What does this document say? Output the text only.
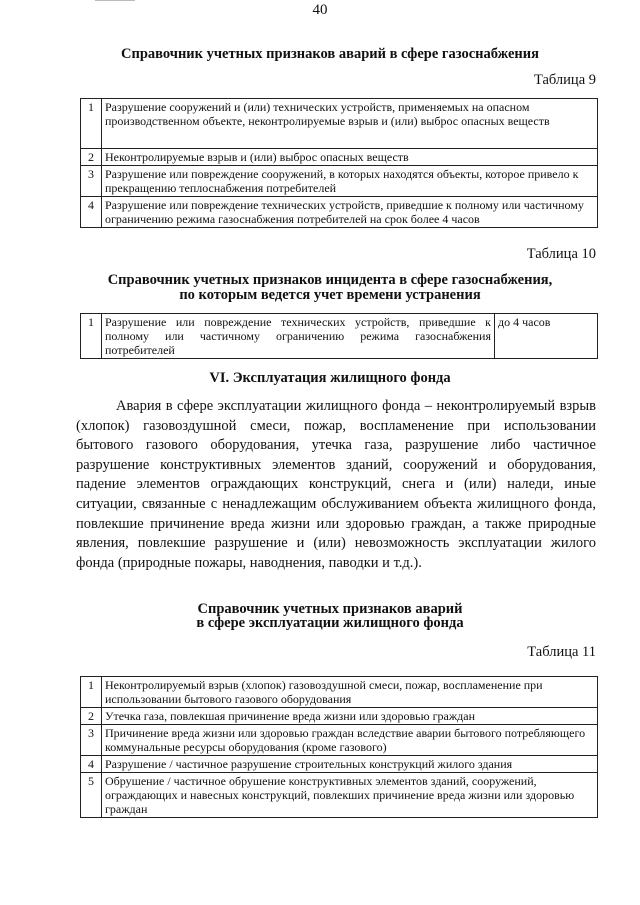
40
Справочник учетных признаков аварий в сфере газоснабжения
Таблица 9
1	Разрушение сооружений и (или) технических устройств, применяемых на опасном производственном объекте, неконтролируемые взрыв и (или) выброс опасных веществ
2	Неконтролируемые взрыв и (или) выброс опасных веществ
3	Разрушение или повреждение сооружений, в которых находятся объекты, которое привело к прекращению теплоснабжения потребителей
4	Разрушение или повреждение технических устройств, приведшие к полному или частичному ограничению режима газоснабжения потребителей на срок более 4 часов
Таблица 10
Справочник учетных признаков инцидента в сфере газоснабжения,
по которым ведется учет времени устранения
1	Разрушение или повреждение технических устройств, приведшие к полному или частичному ограничению режима газоснабжения потребителей	до 4 часов
VI. Эксплуатация жилищного фонда
Авария в сфере эксплуатации жилищного фонда – неконтролируемый взрыв (хлопок) газовоздушной смеси, пожар, воспламенение при использовании бытового газового оборудования, утечка газа, разрушение либо частичное разрушение конструктивных элементов зданий, сооружений и оборудования, падение элементов ограждающих конструкций, снега и (или) наледи, иные ситуации, связанные с ненадлежащим обслуживанием объекта жилищного фонда, повлекшие причинение вреда жизни или здоровью граждан, а также природные явления, повлекшие разрушение и (или) невозможность эксплуатации жилого фонда (природные пожары, наводнения, паводки и т.д.).
Справочник учетных признаков аварий
в сфере эксплуатации жилищного фонда
Таблица 11
1	Неконтролируемый взрыв (хлопок) газовоздушной смеси, пожар, воспламенение при использовании бытового газового оборудования
2	Утечка газа, повлекшая причинение вреда жизни или здоровью граждан
3	Причинение вреда жизни или здоровью граждан вследствие аварии бытового потребляющего коммунальные ресурсы оборудования (кроме газового)
4	Разрушение / частичное разрушение строительных конструкций жилого здания
5	Обрушение / частичное обрушение конструктивных элементов зданий, сооружений, ограждающих и навесных конструкций, повлекших причинение вреда жизни или здоровью граждан
